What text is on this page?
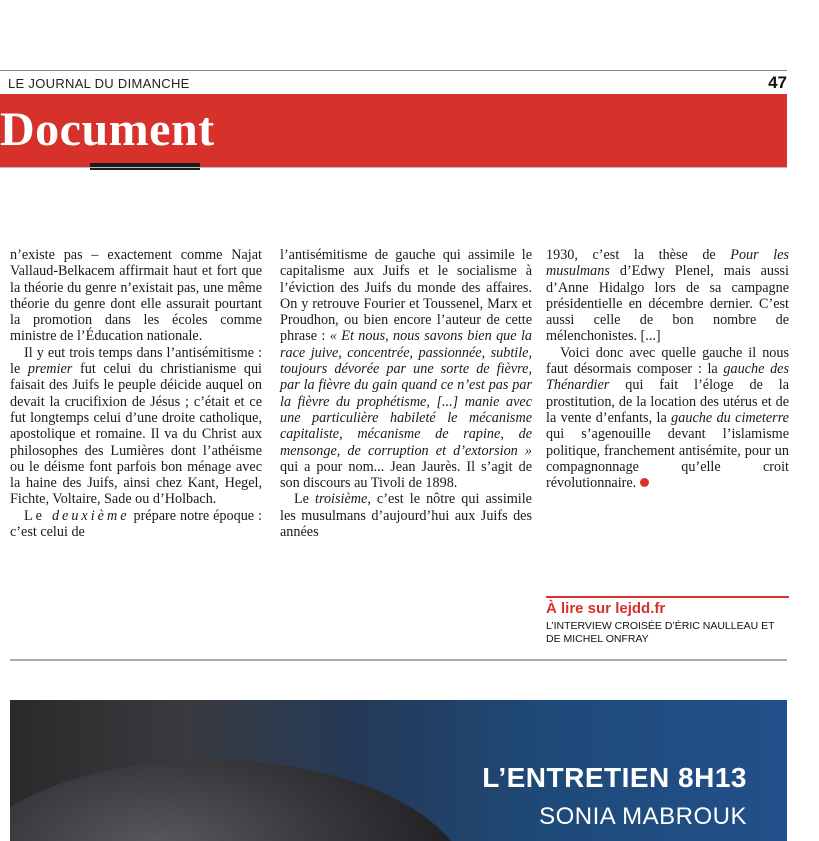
LE JOURNAL DU DIMANCHE	47
Document

n’existe pas – exactement comme Najat Vallaud-Belkacem affirmait haut et fort que la théorie du genre n’existait pas, une même théorie du genre dont elle assurait pourtant la promotion dans les écoles comme ministre de l’Éducation nationale.

Il y eut trois temps dans l’antisémitisme : le premier fut celui du christianisme qui faisait des Juifs le peuple déicide auquel on devait la crucifixion de Jésus ; c’était et ce fut longtemps celui d’une droite catholique, apostolique et romaine. Il va du Christ aux philosophes des Lumières dont l’athéisme ou le déisme font parfois bon ménage avec la haine des Juifs, ainsi chez Kant, Hegel, Fichte, Voltaire, Sade ou d’Holbach.

Le deuxième prépare notre époque : c’est celui de

l’antisémitisme de gauche qui assimile le capitalisme aux Juifs et le socialisme à l’éviction des Juifs du monde des affaires. On y retrouve Fourier et Toussenel, Marx et Proudhon, ou bien encore l’auteur de cette phrase : « Et nous, nous savons bien que la race juive, concentrée, passionnée, subtile, toujours dévorée par une sorte de fièvre, par la fièvre du gain quand ce n’est pas par la fièvre du prophétisme, [...] manie avec une particulière habileté le mécanisme capitaliste, mécanisme de rapine, de mensonge, de corruption et d’extorsion » qui a pour nom... Jean Jaurès. Il s’agit de son discours au Tivoli de 1898.

Le troisième, c’est le nôtre qui assimile les musulmans d’aujourd’hui aux Juifs des années

1930, c’est la thèse de Pour les musulmans d’Edwy Plenel, mais aussi d’Anne Hidalgo lors de sa campagne présidentielle en décembre dernier. C’est aussi celle de bon nombre de mélenchonistes. [...]

Voici donc avec quelle gauche il nous faut désormais composer : la gauche des Thénardier qui fait l’éloge de la prostitution, de la location des utérus et de la vente d’enfants, la gauche du cimeterre qui s’agenouille devant l’islamisme politique, franchement antisémite, pour un compagnonnage qu’elle croit révolutionnaire.

À lire sur lejdd.fr
L’INTERVIEW CROISÉE D’ÉRIC NAULLEAU ET DE MICHEL ONFRAY
L’ENTRETIEN 8H13
SONIA MABROUK
